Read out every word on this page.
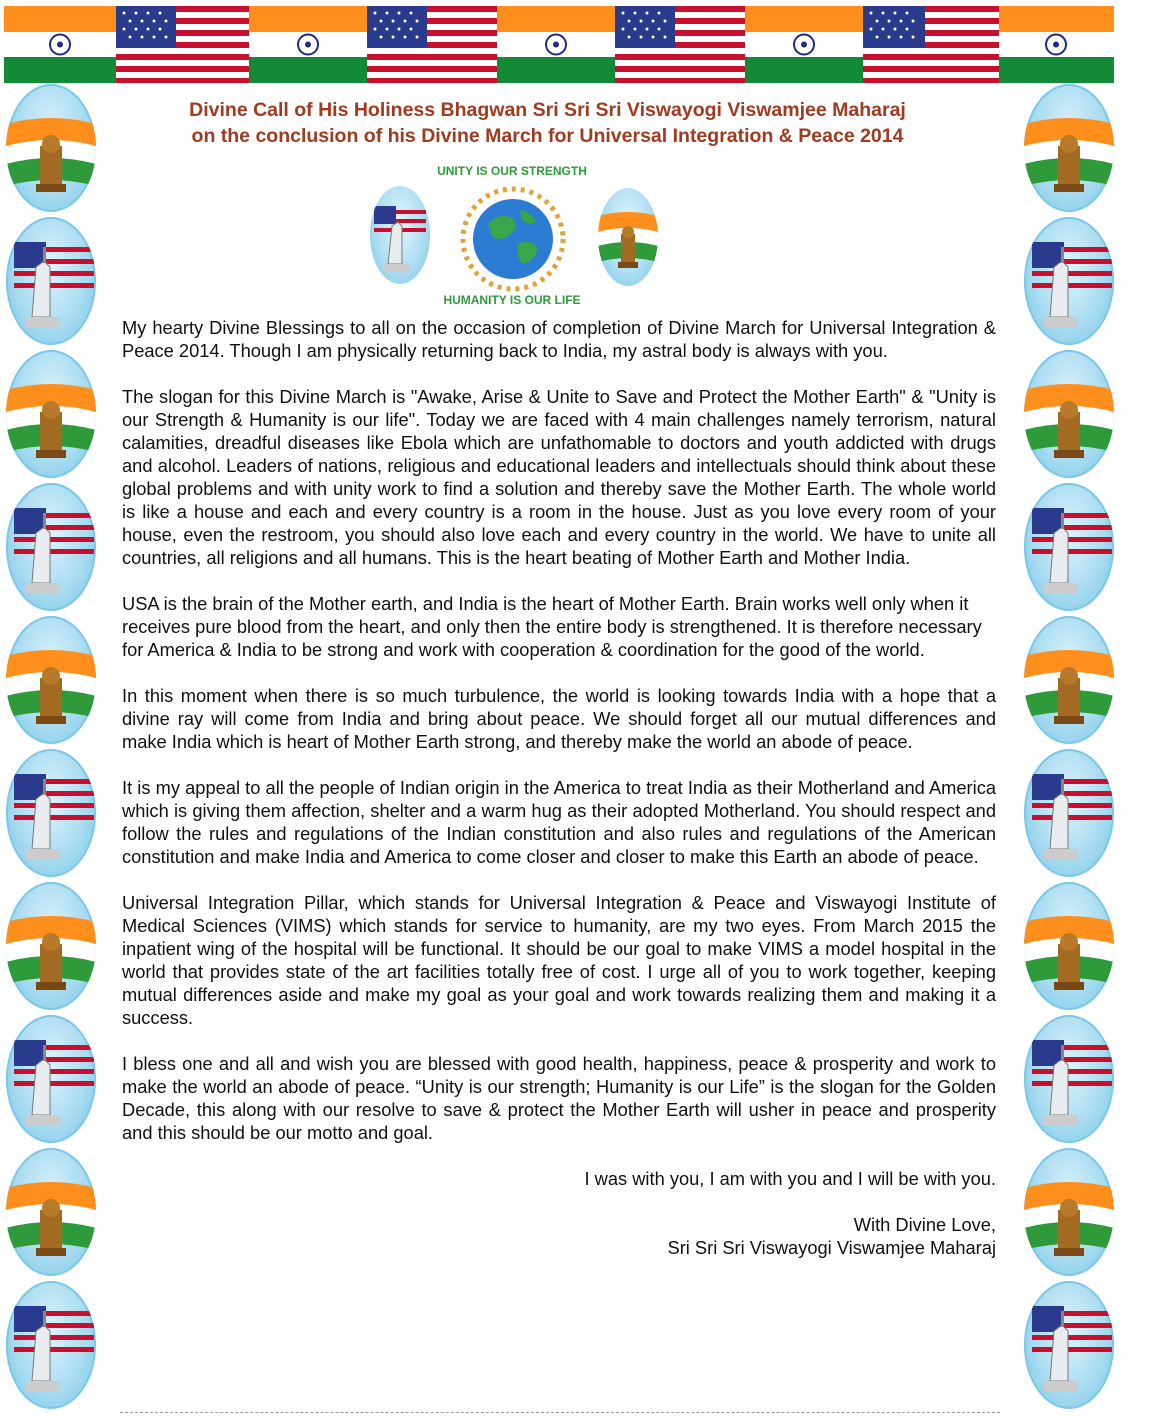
Divine Call of His Holiness Bhagwan Sri Sri Sri Viswayogi Viswamjee Maharaj
on the conclusion of his Divine March for Universal Integration & Peace 2014
UNITY IS OUR STRENGTH
HUMANITY IS OUR LIFE

My hearty Divine Blessings to all on the occasion of completion of Divine March for Universal Integration & Peace 2014. Though I am physically returning back to India, my astral body is always with you.

The slogan for this Divine March is "Awake, Arise & Unite to Save and Protect the Mother Earth" & "Unity is our Strength & Humanity is our life". Today we are faced with 4 main challenges namely terrorism, natural calamities, dreadful diseases like Ebola which are unfathomable to doctors and youth addicted with drugs and alcohol. Leaders of nations, religious and educational leaders and intellectuals should think about these global problems and with unity work to find a solution and thereby save the Mother Earth. The whole world is like a house and each and every country is a room in the house. Just as you love every room of your house, even the restroom, you should also love each and every country in the world. We have to unite all countries, all religions and all humans. This is the heart beating of Mother Earth and Mother India.

USA is the brain of the Mother earth, and India is the heart of Mother Earth. Brain works well only when it receives pure blood from the heart, and only then the entire body is strengthened. It is therefore necessary for America & India to be strong and work with cooperation & coordination for the good of the world.

In this moment when there is so much turbulence, the world is looking towards India with a hope that a divine ray will come from India and bring about peace. We should forget all our mutual differences and make India which is heart of Mother Earth strong, and thereby make the world an abode of peace.

It is my appeal to all the people of Indian origin in the America to treat India as their Motherland and America which is giving them affection, shelter and a warm hug as their adopted Motherland. You should respect and follow the rules and regulations of the Indian constitution and also rules and regulations of the American constitution and make India and America to come closer and closer to make this Earth an abode of peace.

Universal Integration Pillar, which stands for Universal Integration & Peace and Viswayogi Institute of Medical Sciences (VIMS) which stands for service to humanity, are my two eyes. From March 2015 the inpatient wing of the hospital will be functional. It should be our goal to make VIMS a model hospital in the world that provides state of the art facilities totally free of cost. I urge all of you to work together, keeping mutual differences aside and make my goal as your goal and work towards realizing them and making it a success.

I bless one and all and wish you are blessed with good health, happiness, peace & prosperity and work to make the world an abode of peace. “Unity is our strength; Humanity is our Life” is the slogan for the Golden Decade, this along with our resolve to save & protect the Mother Earth will usher in peace and prosperity and this should be our motto and goal.

I was with you, I am with you and I will be with you.
With Divine Love,
Sri Sri Sri Viswayogi Viswamjee Maharaj
